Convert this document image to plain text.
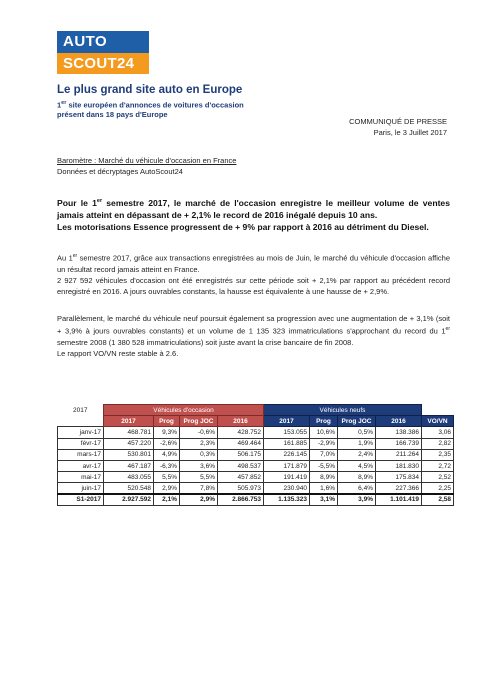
AUTO
SCOUT24
Le plus grand site auto en Europe

1er site européen d'annonces de voitures d'occasion
présent dans 18 pays d'Europe

COMMUNIQUÉ DE PRESSE
Paris, le 3 Juillet 2017
Baromètre : Marché du véhicule d'occasion en France
Données et décryptages AutoScout24
Pour le 1er semestre 2017, le marché de l'occasion enregistre le meilleur volume de ventes jamais atteint en dépassant de + 2,1% le record de 2016 inégalé depuis 10 ans.
Les motorisations Essence progressent de + 9% par rapport à 2016 au détriment du Diesel.
Au 1er semestre 2017, grâce aux transactions enregistrées au mois de Juin, le marché du véhicule d'occasion affiche un résultat record jamais atteint en France.
2 927 592 véhicules d'occasion ont été enregistrés sur cette période soit + 2,1% par rapport au précédent record enregistré en 2016. A jours ouvrables constants, la hausse est équivalente à une hausse de + 2,9%.
Parallèlement, le marché du véhicule neuf poursuit également sa progression avec une augmentation de + 3,1% (soit + 3,9% à jours ouvrables constants) et un volume de 1 135 323 immatriculations s'approchant du record du 1er semestre 2008 (1 380 528 immatriculations) soit juste avant la crise bancaire de fin 2008.
Le rapport VO/VN reste stable à 2.6.
2017	Véhicules d'occasion				Véhicules neufs				
	2017	Prog	Prog JOC	2016	2017	Prog	Prog JOC	2016	VO/VN
janv-17	468.781	9,3%	-0,6%	428.752	153.055	10,6%	0,5%	138.386	3,06
févr-17	457.220	-2,6%	2,3%	469.464	161.885	-2,9%	1,9%	166.739	2,82
mars-17	530.801	4,9%	0,3%	506.175	226.145	7,0%	2,4%	211.264	2,35
avr-17	467.187	-6,3%	3,6%	498.537	171.879	-5,5%	4,5%	181.830	2,72
mai-17	483.055	5,5%	5,5%	457.852	191.419	8,9%	8,9%	175.834	2,52
juin-17	520.548	2,9%	7,8%	505.973	230.940	1,6%	6,4%	227.366	2,25
S1-2017	2.927.592	2,1%	2,9%	2.866.753	1.135.323	3,1%	3,9%	1.101.419	2,58
